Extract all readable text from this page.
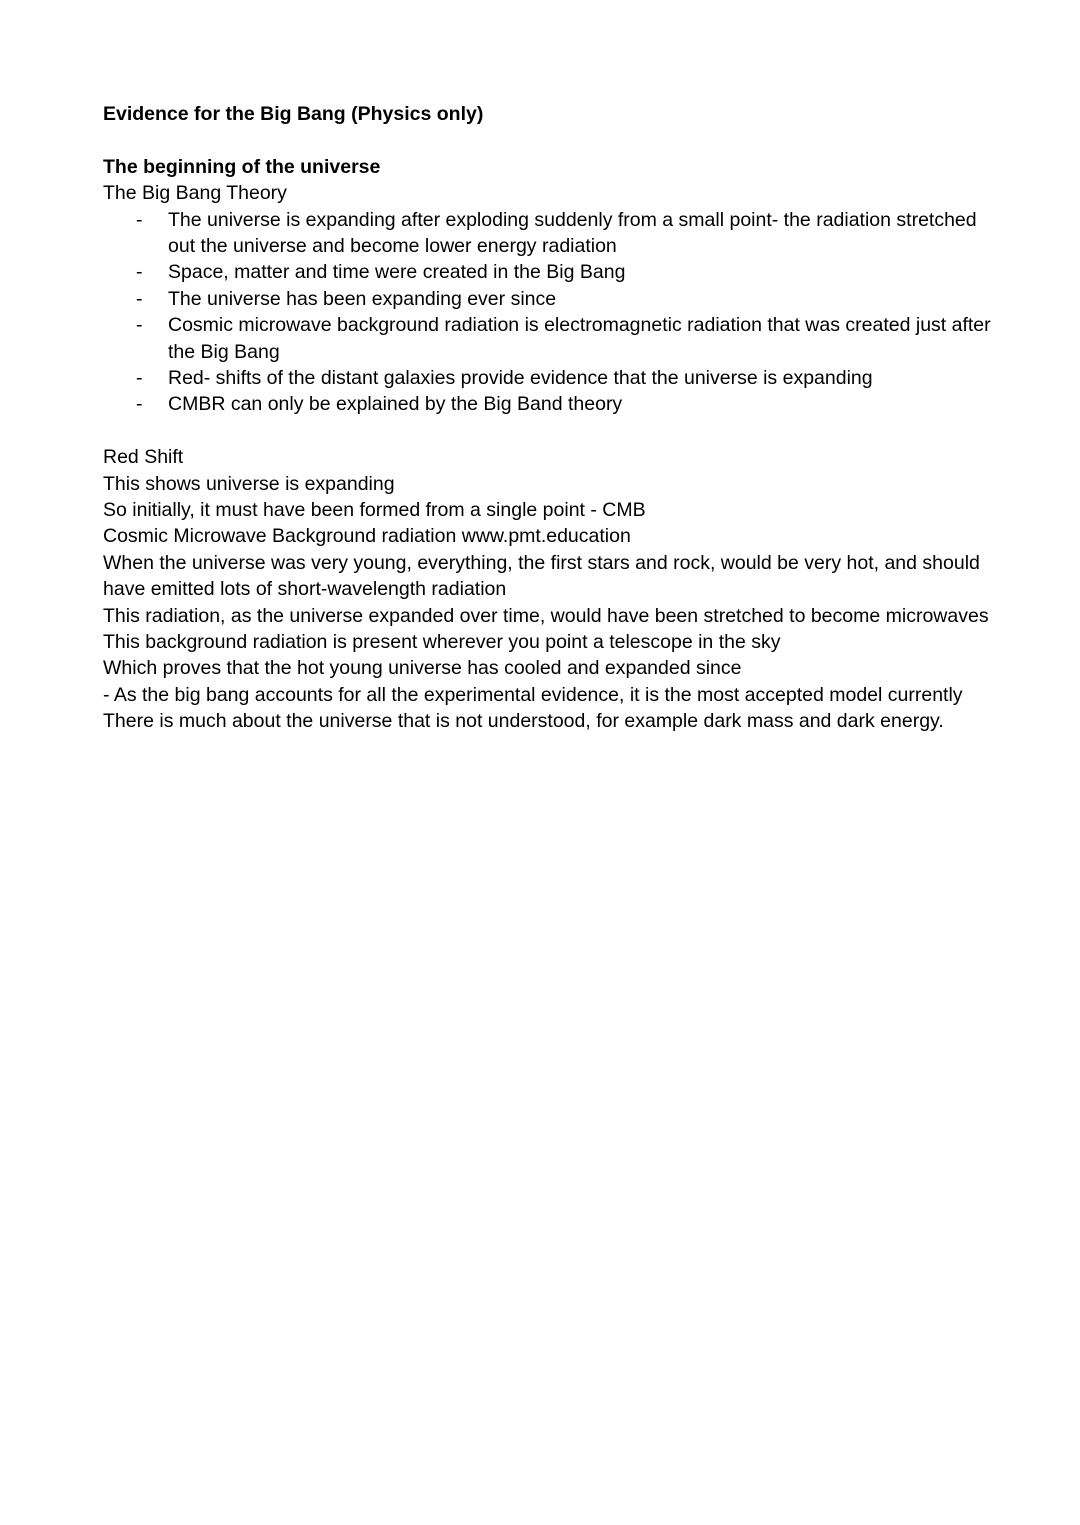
Evidence for the Big Bang (Physics only)

The beginning of the universe

The Big Bang Theory

- The universe is expanding after exploding suddenly from a small point- the radiation stretched out the universe and become lower energy radiation
- Space, matter and time were created in the Big Bang
- The universe has been expanding ever since
- Cosmic microwave background radiation is electromagnetic radiation that was created just after the Big Bang
- Red- shifts of the distant galaxies provide evidence that the universe is expanding
- CMBR can only be explained by the Big Band theory

Red Shift

This shows universe is expanding

So initially, it must have been formed from a single point - CMB

Cosmic Microwave Background radiation www.pmt.education

When the universe was very young, everything, the first stars and rock, would be very hot, and should have emitted lots of short-wavelength radiation

This radiation, as the universe expanded over time, would have been stretched to become microwaves

This background radiation is present wherever you point a telescope in the sky

Which proves that the hot young universe has cooled and expanded since

- As the big bang accounts for all the experimental evidence, it is the most accepted model currently

There is much about the universe that is not understood, for example dark mass and dark energy.
